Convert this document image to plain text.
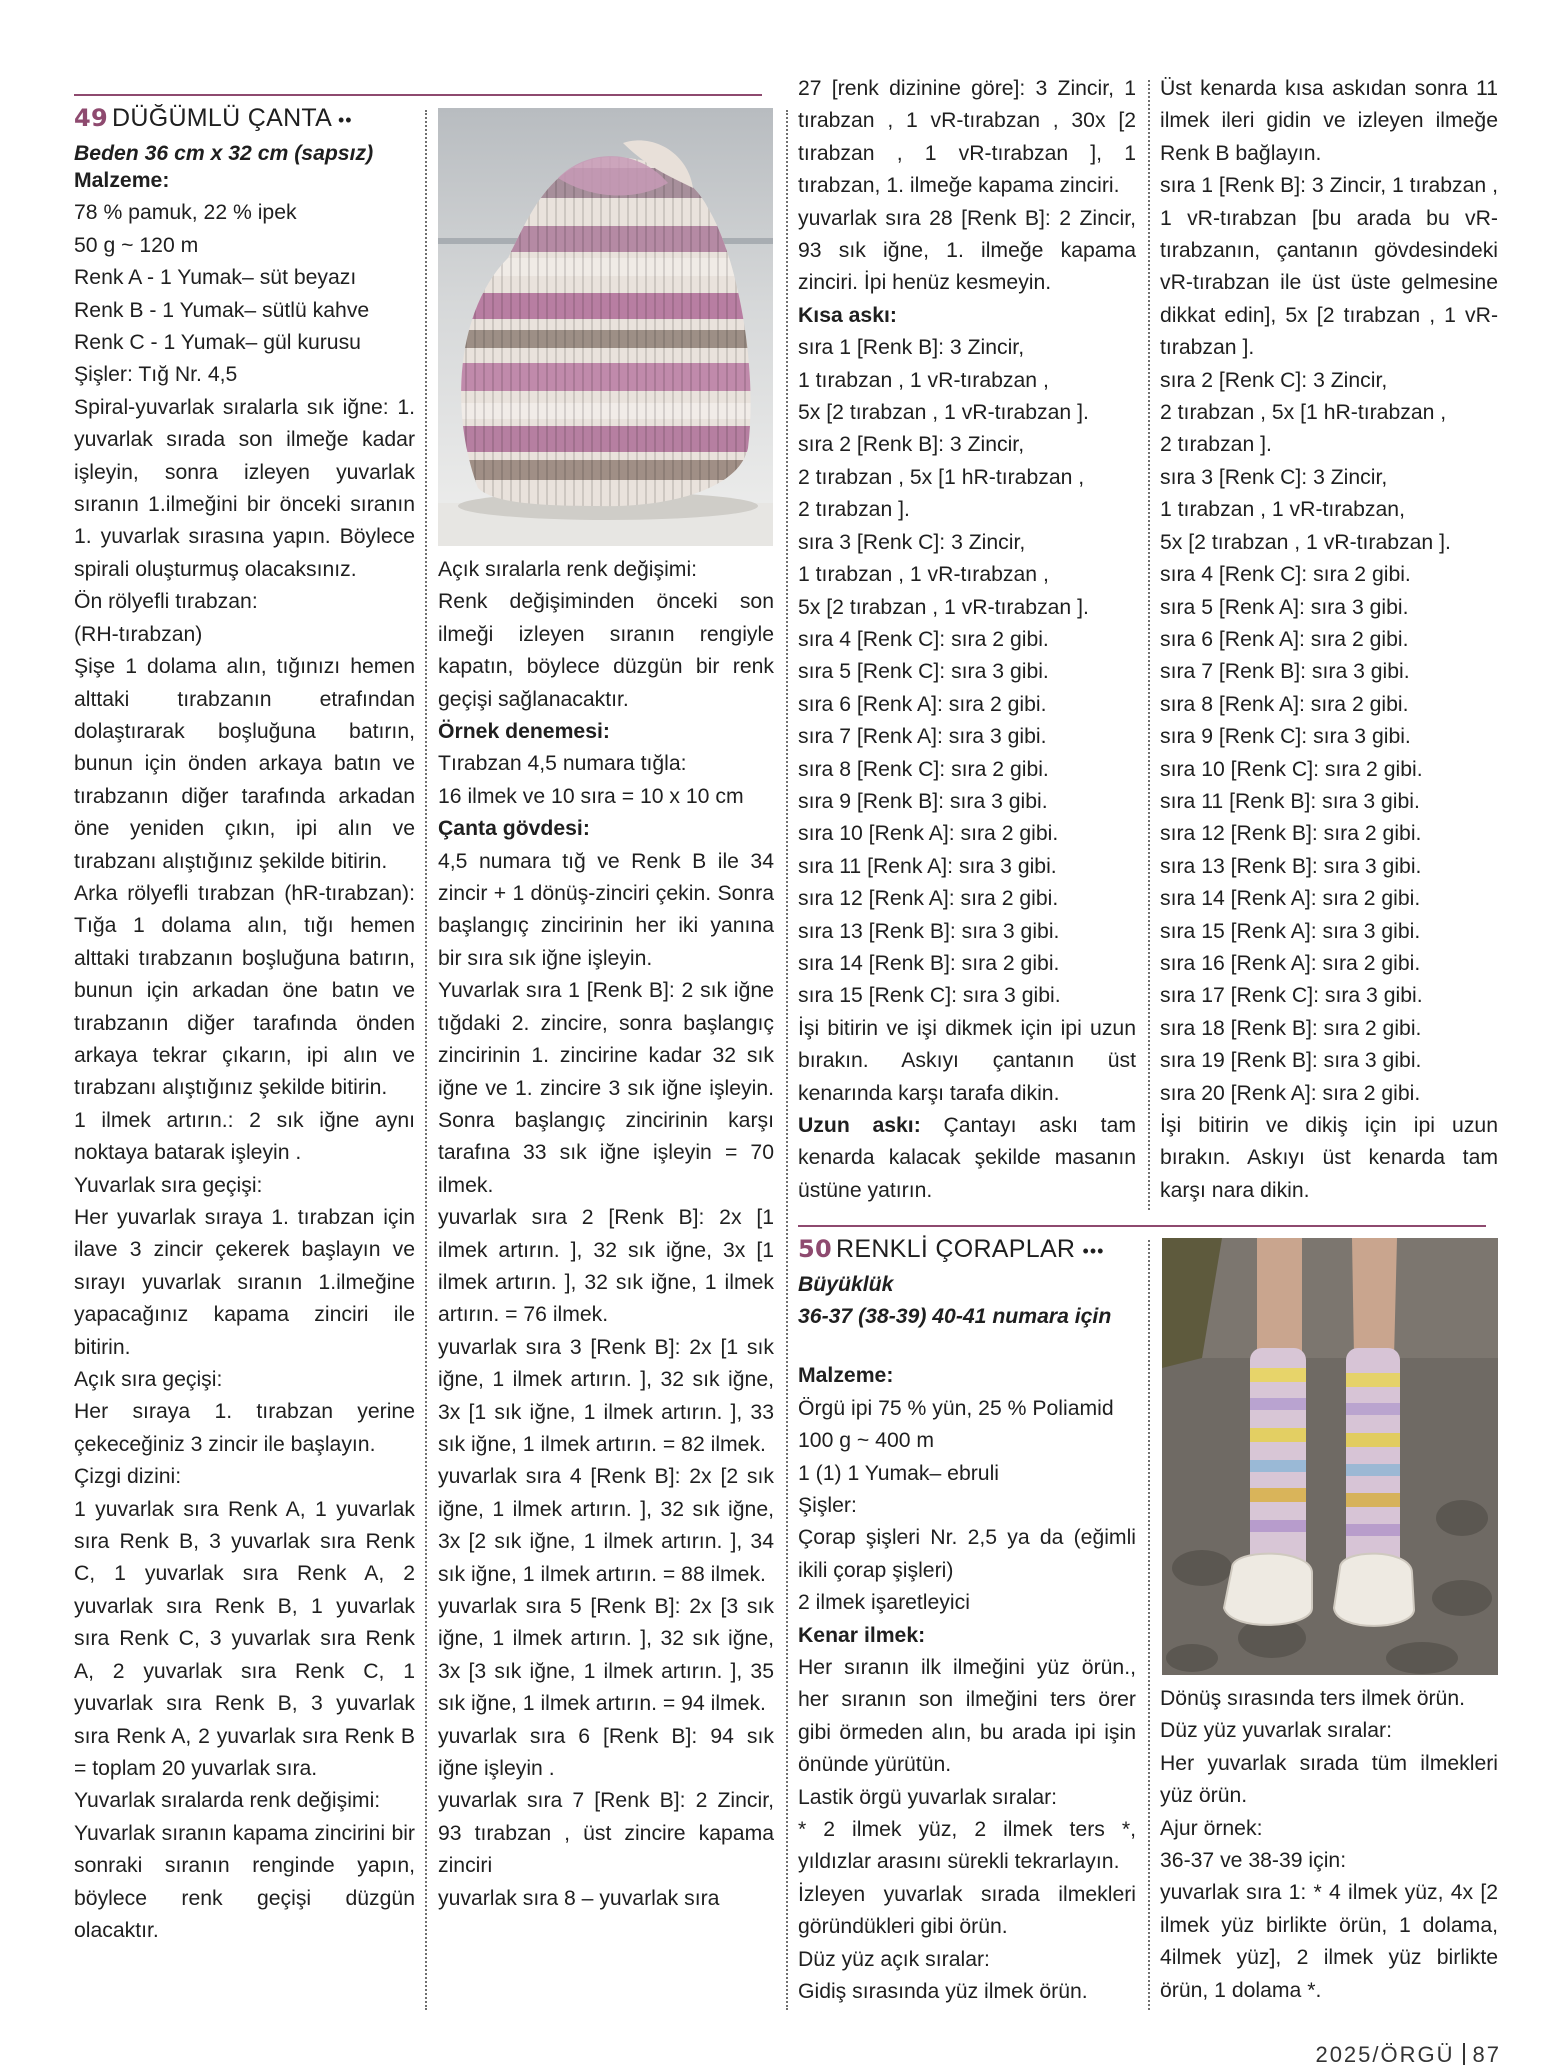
49 DÜĞÜMLÜ ÇANTA ••

Beden 36 cm x 32 cm (sapsız)

Malzeme:

78 % pamuk, 22 % ipek

50 g ~ 120 m

Renk A - 1 Yumak– süt beyazı

Renk B - 1 Yumak– sütlü kahve

Renk C - 1 Yumak– gül kurusu

Şişler: Tığ Nr. 4,5

Spiral-yuvarlak sıralarla sık iğne: 1. yuvarlak sırada son ilmeğe kadar işleyin, sonra izleyen yuvarlak sıranın 1.ilmeğini bir önceki sıranın 1. yuvarlak sırasına yapın. Böylece spirali oluşturmuş olacaksınız.

Ön rölyefli tırabzan:

(RH-tırabzan)

Şişe 1 dolama alın, tığınızı hemen alttaki tırabzanın etrafından dolaştırarak boşluğuna batırın, bunun için önden arkaya batın ve tırabzanın diğer tarafında arkadan öne yeniden çıkın, ipi alın ve tırabzanı alıştığınız şekilde bitirin.

Arka rölyefli tırabzan (hR-tırabzan): Tığa 1 dolama alın, tığı hemen alttaki tırabzanın boşluğuna batırın, bunun için arkadan öne batın ve tırabzanın diğer tarafında önden arkaya tekrar çıkarın, ipi alın ve tırabzanı alıştığınız şekilde bitirin.

1 ilmek artırın.: 2 sık iğne aynı noktaya batarak işleyin .

Yuvarlak sıra geçişi:

Her yuvarlak sıraya 1. tırabzan için ilave 3 zincir çekerek başlayın ve sırayı yuvarlak sıranın 1.ilmeğine yapacağınız kapama zinciri ile bitirin.

Açık sıra geçişi:

Her sıraya 1. tırabzan yerine çekeceğiniz 3 zincir ile başlayın.

Çizgi dizini:

1 yuvarlak sıra Renk A, 1 yuvarlak sıra Renk B, 3 yuvarlak sıra Renk C, 1 yuvarlak sıra Renk A, 2 yuvarlak sıra Renk B, 1 yuvarlak sıra Renk C, 3 yuvarlak sıra Renk A, 2 yuvarlak sıra Renk C, 1 yuvarlak sıra Renk B, 3 yuvarlak sıra Renk A, 2 yuvarlak sıra Renk B = toplam 20 yuvarlak sıra.

Yuvarlak sıralarda renk değişimi:

Yuvarlak sıranın kapama zincirini bir sonraki sıranın renginde yapın, böylece renk geçişi düzgün olacaktır.

Açık sıralarla renk değişimi:

Renk değişiminden önceki son ilmeği izleyen sıranın rengiyle kapatın, böylece düzgün bir renk geçişi sağlanacaktır.

Örnek denemesi:

Tırabzan 4,5 numara tığla:

16 ilmek ve 10 sıra = 10 x 10 cm

Çanta gövdesi:

4,5 numara tığ ve Renk B ile 34 zincir + 1 dönüş-zinciri çekin. Sonra başlangıç zincirinin her iki yanına bir sıra sık iğne işleyin.

Yuvarlak sıra 1 [Renk B]: 2 sık iğne tığdaki 2. zincire, sonra başlangıç zincirinin 1. zincirine kadar 32 sık iğne ve 1. zincire 3 sık iğne işleyin. Sonra başlangıç zincirinin karşı tarafına 33 sık iğne işleyin = 70 ilmek.

yuvarlak sıra 2 [Renk B]: 2x [1 ilmek artırın. ], 32 sık iğne, 3x [1 ilmek artırın. ], 32 sık iğne, 1 ilmek artırın. = 76 ilmek.

yuvarlak sıra 3 [Renk B]: 2x [1 sık iğne, 1 ilmek artırın. ], 32 sık iğne, 3x [1 sık iğne, 1 ilmek artırın. ], 33 sık iğne, 1 ilmek artırın. = 82 ilmek.

yuvarlak sıra 4 [Renk B]: 2x [2 sık iğne, 1 ilmek artırın. ], 32 sık iğne, 3x [2 sık iğne, 1 ilmek artırın. ], 34 sık iğne, 1 ilmek artırın. = 88 ilmek.

yuvarlak sıra 5 [Renk B]: 2x [3 sık iğne, 1 ilmek artırın. ], 32 sık iğne, 3x [3 sık iğne, 1 ilmek artırın. ], 35 sık iğne, 1 ilmek artırın. = 94 ilmek.

yuvarlak sıra 6 [Renk B]: 94 sık iğne işleyin .

yuvarlak sıra 7 [Renk B]: 2 Zincir, 93 tırabzan , üst zincire kapama zinciri

yuvarlak sıra 8 – yuvarlak sıra

27 [renk dizinine göre]: 3 Zincir, 1 tırabzan , 1 vR-tırabzan , 30x [2 tırabzan , 1 vR-tırabzan ], 1 tırabzan, 1. ilmeğe kapama zinciri.

yuvarlak sıra 28 [Renk B]: 2 Zincir, 93 sık iğne, 1. ilmeğe kapama zinciri. İpi henüz kesmeyin.

Kısa askı:

sıra 1 [Renk B]: 3 Zincir,

1 tırabzan , 1 vR-tırabzan ,

5x [2 tırabzan , 1 vR-tırabzan ].

sıra 2 [Renk B]: 3 Zincir,

2 tırabzan , 5x [1 hR-tırabzan ,

2 tırabzan ].

sıra 3 [Renk C]: 3 Zincir,

1 tırabzan , 1 vR-tırabzan ,

5x [2 tırabzan , 1 vR-tırabzan ].

sıra 4 [Renk C]: sıra 2 gibi.

sıra 5 [Renk C]: sıra 3 gibi.

sıra 6 [Renk A]: sıra 2 gibi.

sıra 7 [Renk A]: sıra 3 gibi.

sıra 8 [Renk C]: sıra 2 gibi.

sıra 9 [Renk B]: sıra 3 gibi.

sıra 10 [Renk A]: sıra 2 gibi.

sıra 11 [Renk A]: sıra 3 gibi.

sıra 12 [Renk A]: sıra 2 gibi.

sıra 13 [Renk B]: sıra 3 gibi.

sıra 14 [Renk B]: sıra 2 gibi.

sıra 15 [Renk C]: sıra 3 gibi.

İşi bitirin ve işi dikmek için ipi uzun bırakın. Askıyı çantanın üst kenarında karşı tarafa dikin.

Uzun askı: Çantayı askı tam kenarda kalacak şekilde masanın üstüne yatırın.

Üst kenarda kısa askıdan sonra 11 ilmek ileri gidin ve izleyen ilmeğe Renk B bağlayın.

sıra 1 [Renk B]: 3 Zincir, 1 tırabzan , 1 vR-tırabzan [bu arada bu vR-tırabzanın, çantanın gövdesindeki vR-tırabzan ile üst üste gelmesine dikkat edin], 5x [2 tırabzan , 1 vR-tırabzan ].

sıra 2 [Renk C]: 3 Zincir,

2 tırabzan , 5x [1 hR-tırabzan ,

2 tırabzan ].

sıra 3 [Renk C]: 3 Zincir,

1 tırabzan , 1 vR-tırabzan,

5x [2 tırabzan , 1 vR-tırabzan ].

sıra 4 [Renk C]: sıra 2 gibi.

sıra 5 [Renk A]: sıra 3 gibi.

sıra 6 [Renk A]: sıra 2 gibi.

sıra 7 [Renk B]: sıra 3 gibi.

sıra 8 [Renk A]: sıra 2 gibi.

sıra 9 [Renk C]: sıra 3 gibi.

sıra 10 [Renk C]: sıra 2 gibi.

sıra 11 [Renk B]: sıra 3 gibi.

sıra 12 [Renk B]: sıra 2 gibi.

sıra 13 [Renk B]: sıra 3 gibi.

sıra 14 [Renk A]: sıra 2 gibi.

sıra 15 [Renk A]: sıra 3 gibi.

sıra 16 [Renk A]: sıra 2 gibi.

sıra 17 [Renk C]: sıra 3 gibi.

sıra 18 [Renk B]: sıra 2 gibi.

sıra 19 [Renk B]: sıra 3 gibi.

sıra 20 [Renk A]: sıra 2 gibi.

İşi bitirin ve dikiş için ipi uzun bırakın. Askıyı üst kenarda tam karşı nara dikin.

50 RENKLİ ÇORAPLAR •••

Büyüklük

36-37 (38-39) 40-41 numara için

Malzeme:

Örgü ipi 75 % yün, 25 % Poliamid

100 g ~ 400 m

1 (1) 1 Yumak– ebruli

Şişler:

Çorap şişleri Nr. 2,5 ya da (eğimli ikili çorap şişleri)

2 ilmek işaretleyici

Kenar ilmek:

Her sıranın ilk ilmeğini yüz örün., her sıranın son ilmeğini ters örer gibi örmeden alın, bu arada ipi işin önünde yürütün.

Lastik örgü yuvarlak sıralar:

* 2 ilmek yüz, 2 ilmek ters *, yıldızlar arasını sürekli tekrarlayın.

İzleyen yuvarlak sırada ilmekleri göründükleri gibi örün.

Düz yüz açık sıralar:

Gidiş sırasında yüz ilmek örün.

Dönüş sırasında ters ilmek örün.

Düz yüz yuvarlak sıralar:

Her yuvarlak sırada tüm ilmekleri yüz örün.

Ajur örnek:

36-37 ve 38-39 için:

yuvarlak sıra 1: * 4 ilmek yüz, 4x [2 ilmek yüz birlikte örün, 1 dolama, 4ilmek yüz], 2 ilmek yüz birlikte örün, 1 dolama *.

2025/ÖRGÜ 87
